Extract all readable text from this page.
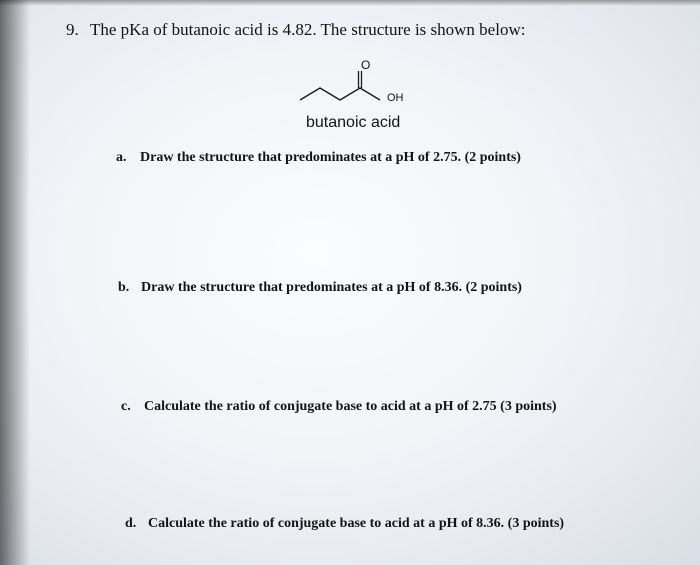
9. The pKa of butanoic acid is 4.82. The structure is shown below:
O
OH
butanoic acid
a. Draw the structure that predominates at a pH of 2.75. (2 points)
b. Draw the structure that predominates at a pH of 8.36. (2 points)
c. Calculate the ratio of conjugate base to acid at a pH of 2.75 (3 points)
d. Calculate the ratio of conjugate base to acid at a pH of 8.36. (3 points)
